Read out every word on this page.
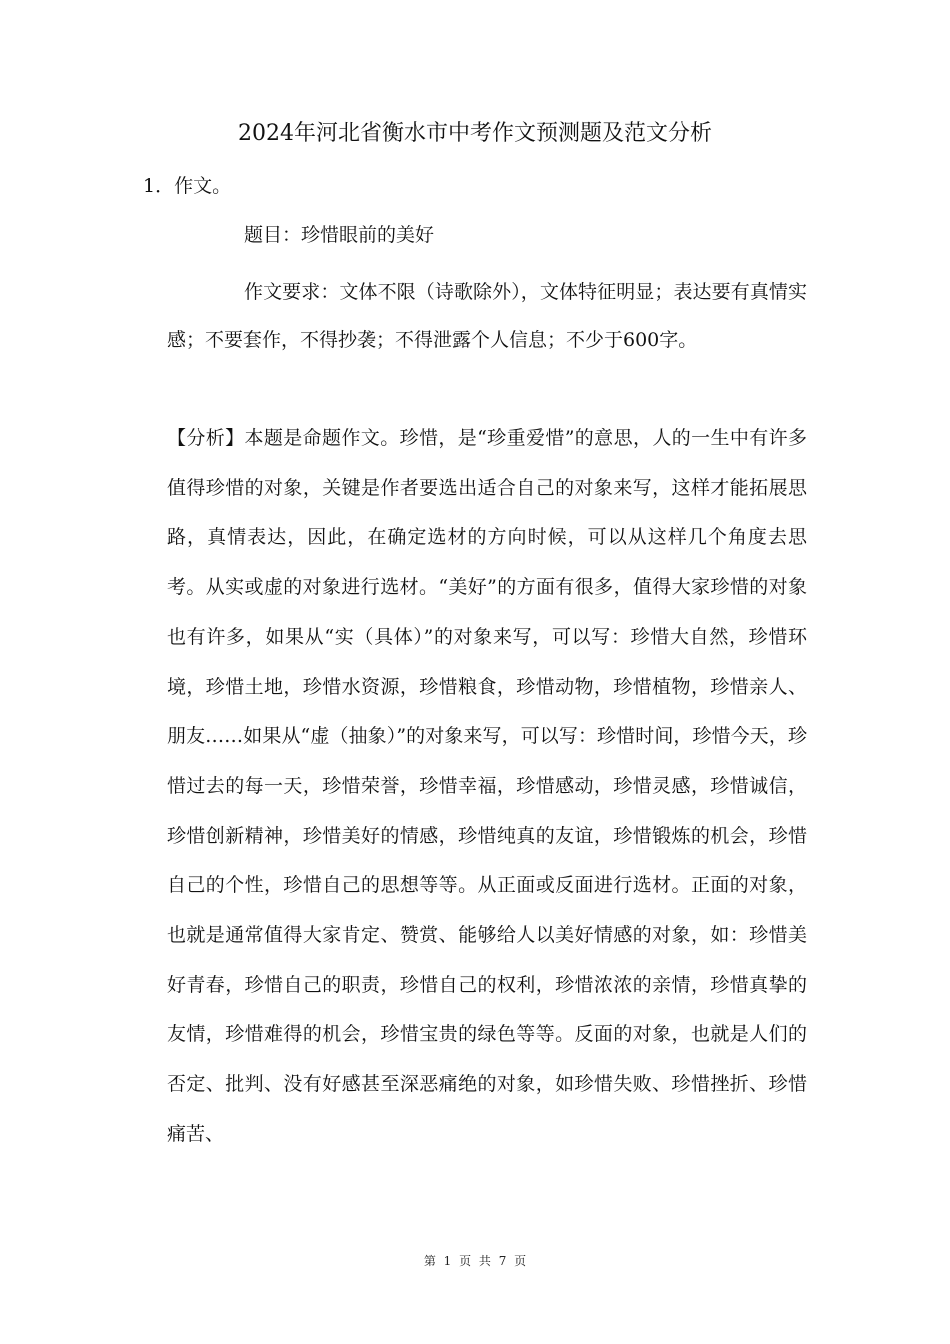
2024年河北省衡水市中考作文预测题及范文分析
1．作文。
题目：珍惜眼前的美好
作文要求：文体不限（诗歌除外），文体特征明显；表达要有真情实感；不要套作，不得抄袭；不得泄露个人信息；不少于600字。
【分析】本题是命题作文。珍惜，是“珍重爱惜”的意思，人的一生中有许多值得珍惜的对象，关键是作者要选出适合自己的对象来写，这样才能拓展思路，真情表达，因此，在确定选材的方向时候，可以从这样几个角度去思考。从实或虚的对象进行选材。“美好”的方面有很多，值得大家珍惜的对象也有许多，如果从“实（具体）”的对象来写，可以写：珍惜大自然，珍惜环境，珍惜土地，珍惜水资源，珍惜粮食，珍惜动物，珍惜植物，珍惜亲人、朋友……如果从“虚（抽象）”的对象来写，可以写：珍惜时间，珍惜今天，珍惜过去的每一天，珍惜荣誉，珍惜幸福，珍惜感动，珍惜灵感，珍惜诚信，珍惜创新精神，珍惜美好的情感，珍惜纯真的友谊，珍惜锻炼的机会，珍惜自己的个性，珍惜自己的思想等等。从正面或反面进行选材。正面的对象，也就是通常值得大家肯定、赞赏、能够给人以美好情感的对象，如：珍惜美好青春，珍惜自己的职责，珍惜自己的权利，珍惜浓浓的亲情，珍惜真挚的友情，珍惜难得的机会，珍惜宝贵的绿色等等。反面的对象，也就是人们的否定、批判、没有好感甚至深恶痛绝的对象，如珍惜失败、珍惜挫折、珍惜痛苦、
第 1 页 共 7 页
